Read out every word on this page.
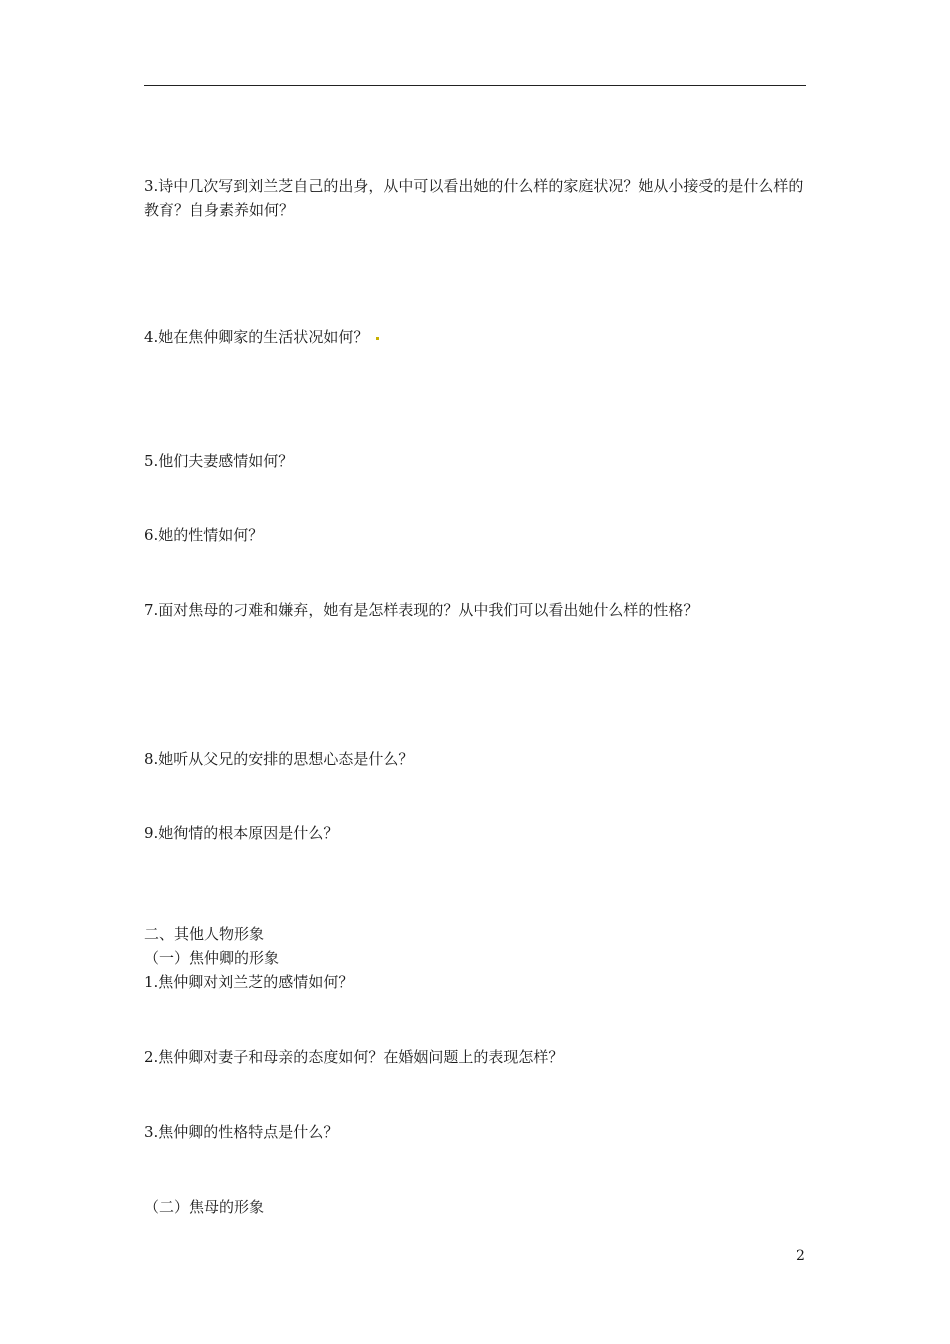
3.诗中几次写到刘兰芝自己的出身，从中可以看出她的什么样的家庭状况？她从小接受的是什么样的教育？自身素养如何？
4.她在焦仲卿家的生活状况如何？
5.他们夫妻感情如何？
6.她的性情如何？
7.面对焦母的刁难和嫌弃，她有是怎样表现的？从中我们可以看出她什么样的性格？
8.她听从父兄的安排的思想心态是什么？
9.她徇情的根本原因是什么？
二、其他人物形象
（一）焦仲卿的形象
1.焦仲卿对刘兰芝的感情如何？
2.焦仲卿对妻子和母亲的态度如何？在婚姻问题上的表现怎样？
3.焦仲卿的性格特点是什么？
（二）焦母的形象
2
